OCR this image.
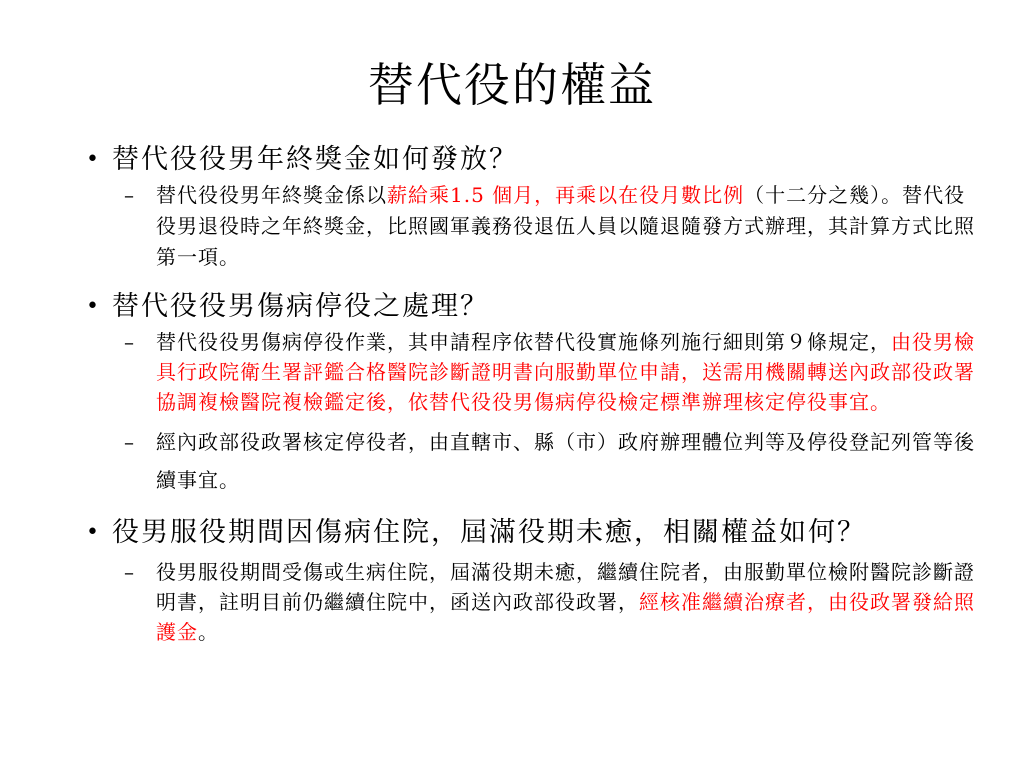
替代役的權益
• 替代役役男年終獎金如何發放？
– 替代役役男年終獎金係以薪給乘1.5 個月，再乘以在役月數比例（十二分之幾）。替代役役男退役時之年終獎金，比照國軍義務役退伍人員以隨退隨發方式辦理，其計算方式比照第一項。
• 替代役役男傷病停役之處理？
– 替代役役男傷病停役作業，其申請程序依替代役實施條列施行細則第９條規定，由役男檢具行政院衛生署評鑑合格醫院診斷證明書向服勤單位申請，送需用機關轉送內政部役政署協調複檢醫院複檢鑑定後，依替代役役男傷病停役檢定標準辦理核定停役事宜。
– 經內政部役政署核定停役者，由直轄市、縣（市）政府辦理體位判等及停役登記列管等後續事宜。
• 役男服役期間因傷病住院，屆滿役期未癒，相關權益如何？
– 役男服役期間受傷或生病住院，屆滿役期未癒，繼續住院者，由服勤單位檢附醫院診斷證明書，註明目前仍繼續住院中，函送內政部役政署，經核准繼續治療者，由役政署發給照護金。
